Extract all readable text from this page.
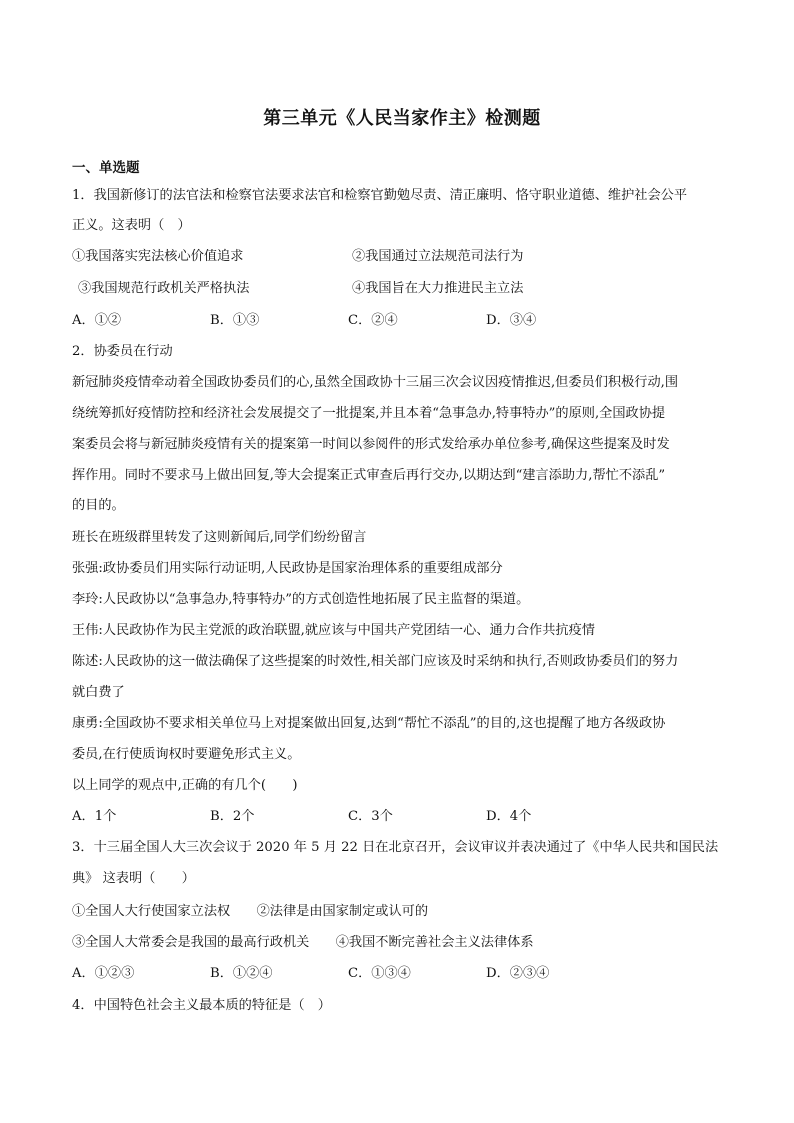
第三单元《人民当家作主》检测题
一、单选题
1．我国新修订的法官法和检察官法要求法官和检察官勤勉尽责、清正廉明、恪守职业道德、维护社会公平
正义。这表明（　）
①我国落实宪法核心价值追求	②我国通过立法规范司法行为
③我国规范行政机关严格执法	④我国旨在大力推进民主立法
A．①②	B．①③	C．②④	D．③④
2．协委员在行动
新冠肺炎疫情牵动着全国政协委员们的心,虽然全国政协十三届三次会议因疫情推迟,但委员们积极行动,围
绕统筹抓好疫情防控和经济社会发展提交了一批提案,并且本着“急事急办,特事特办”的原则,全国政协提
案委员会将与新冠肺炎疫情有关的提案第一时间以参阅件的形式发给承办单位参考,确保这些提案及时发
挥作用。同时不要求马上做出回复,等大会提案正式审查后再行交办,以期达到“建言添助力,帮忙不添乱”
的目的。
班长在班级群里转发了这则新闻后,同学们纷纷留言
张强:政协委员们用实际行动证明,人民政协是国家治理体系的重要组成部分
李玲:人民政协以“急事急办,特事特办”的方式创造性地拓展了民主监督的渠道。
王伟:人民政协作为民主党派的政治联盟,就应该与中国共产党团结一心、通力合作共抗疫情
陈述:人民政协的这一做法确保了这些提案的时效性,相关部门应该及时采纳和执行,否则政协委员们的努力
就白费了
康勇:全国政协不要求相关单位马上对提案做出回复,达到“帮忙不添乱”的目的,这也提醒了地方各级政协
委员,在行使质询权时要避免形式主义。
以上同学的观点中,正确的有几个(　　)
A．1个	B．2个	C．3个	D．4个
3．十三届全国人大三次会议于 2020 年 5 月 22 日在北京召开，会议审议并表决通过了《中华人民共和国民法
典》 这表明（　　）
①全国人大行使国家立法权　　②法律是由国家制定或认可的
③全国人大常委会是我国的最高行政机关　　④我国不断完善社会主义法律体系
A．①②③	B．①②④	C．①③④	D．②③④
4．中国特色社会主义最本质的特征是（　）
